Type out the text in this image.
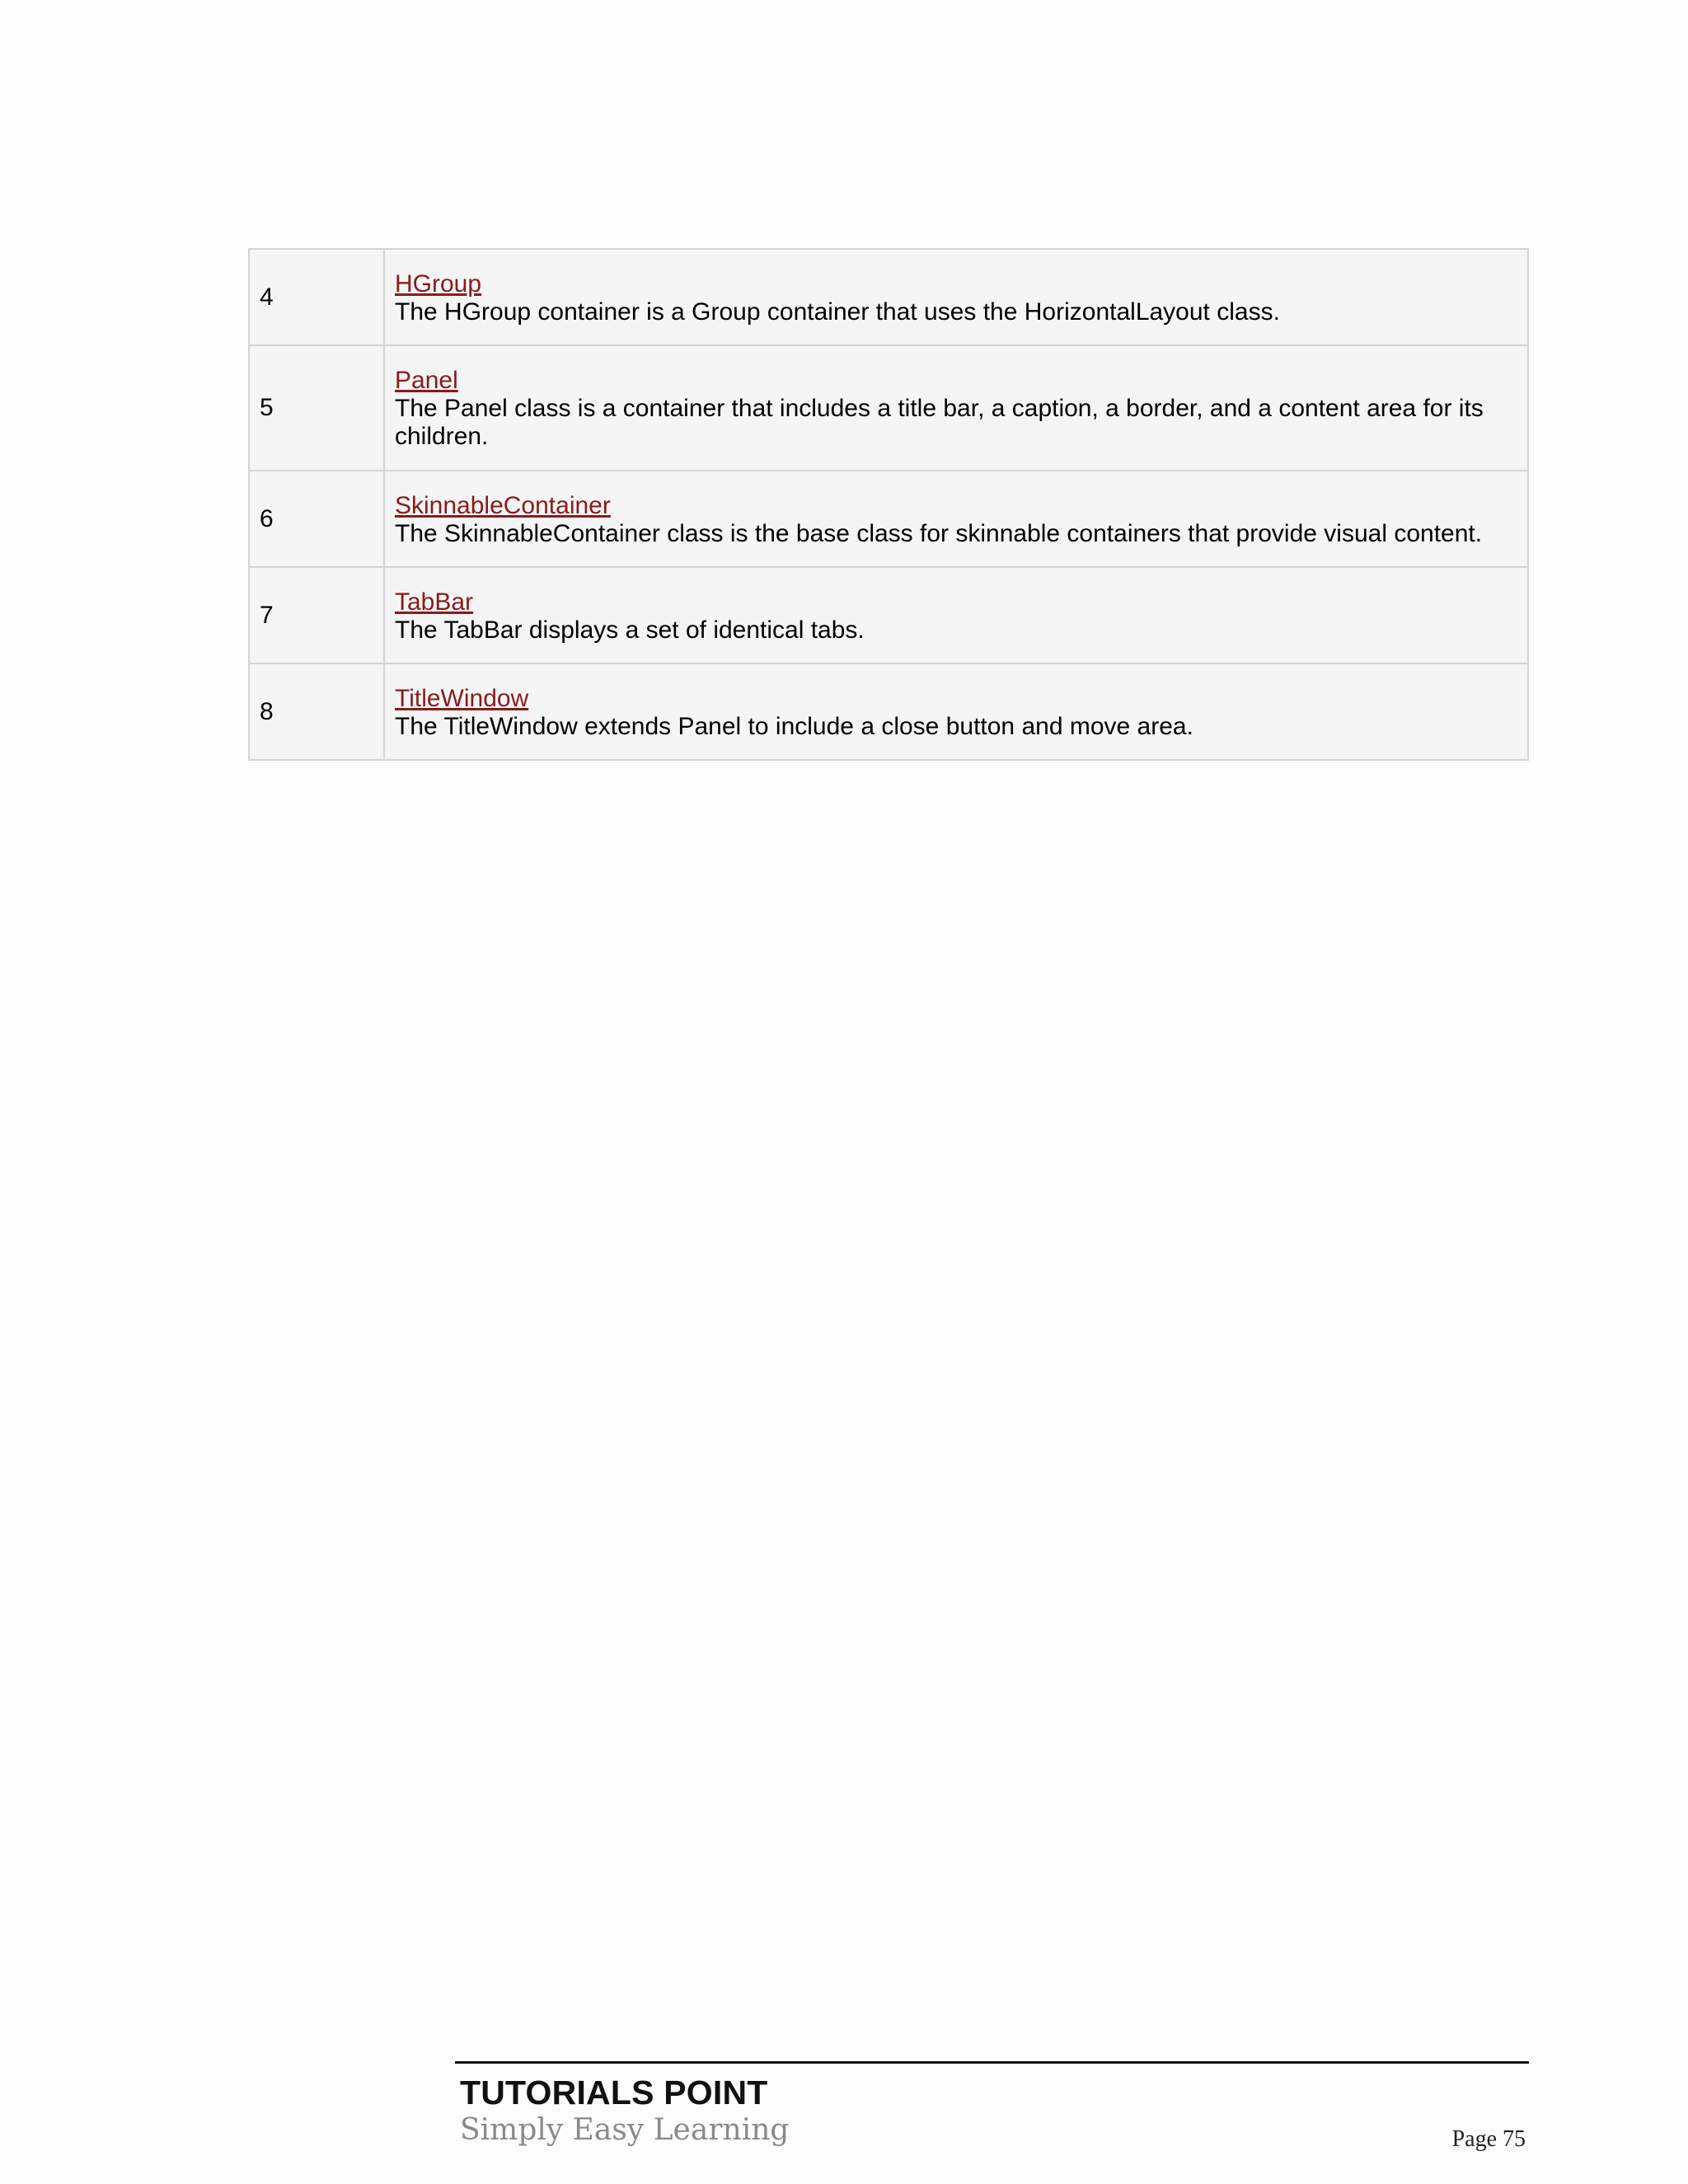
4	HGroup
The HGroup container is a Group container that uses the HorizontalLayout class.

5	Panel
The Panel class is a container that includes a title bar, a caption, a border, and a content area for its children.

6	SkinnableContainer
The SkinnableContainer class is the base class for skinnable containers that provide visual content.

7	TabBar
The TabBar displays a set of identical tabs.

8	TitleWindow
The TitleWindow extends Panel to include a close button and move area.
TUTORIALS POINT
Simply Easy Learning	Page 75
